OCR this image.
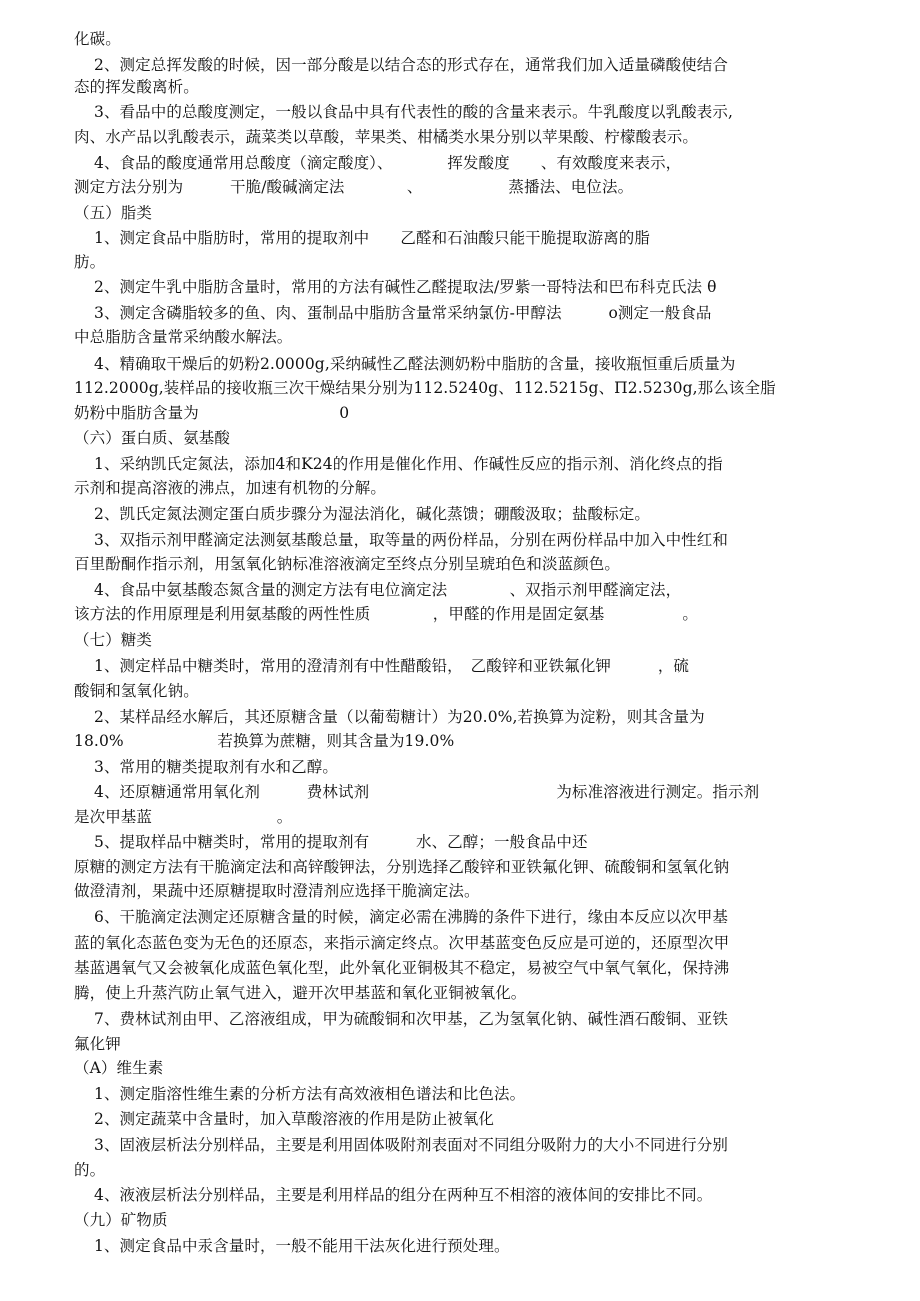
化碳。
2、测定总挥发酸的时候，因一部分酸是以结合态的形式存在，通常我们加入适量磷酸使结合
态的挥发酸离析。
3、看品中的总酸度测定，一般以食品中具有代表性的酸的含量来表示。牛乳酸度以乳酸表示,
肉、水产品以乳酸表示，蔬菜类以草酸，苹果类、柑橘类水果分别以苹果酸、柠檬酸表示。
4、食品的酸度通常用总酸度（滴定酸度）、　　　　挥发酸度　　、有效酸度来表示，
测定方法分别为　　　干脆/酸碱滴定法　　　　、　　　　　　蒸播法、电位法。
（五）脂类
1、测定食品中脂肪时，常用的提取剂中　　乙醛和石油酸只能干脆提取游离的脂
肪。
2、测定牛乳中脂肪含量时，常用的方法有碱性乙醛提取法/罗紫一哥特法和巴布科克氏法 θ
3、测定含磷脂较多的鱼、肉、蛋制品中脂肪含量常采纳氯仿-甲醇法　　　o测定一般食品
中总脂肪含量常采纳酸水解法。
4、精确取干燥后的奶粉2.0000g,采纳碱性乙醛法测奶粉中脂肪的含量，接收瓶恒重后质量为
112.2000g,装样品的接收瓶三次干燥结果分别为112.5240g、112.5215g、Π2.5230g,那么该全脂
奶粉中脂肪含量为　　　　　　　　　0
（六）蛋白质、氨基酸
1、采纳凯氏定氮法，添加4和K24的作用是催化作用、作碱性反应的指示剂、消化终点的指
示剂和提高溶液的沸点，加速有机物的分解。
2、凯氏定氮法测定蛋白质步骤分为湿法消化，碱化蒸馈；硼酸汲取；盐酸标定。
3、双指示剂甲醛滴定法测氨基酸总量，取等量的两份样品，分别在两份样品中加入中性红和
百里酚酮作指示剂，用氢氧化钠标准溶液滴定至终点分别呈琥珀色和淡蓝颜色。
4、食品中氨基酸态氮含量的测定方法有电位滴定法　　　　、双指示剂甲醛滴定法，
该方法的作用原理是利用氨基酸的两性性质　　　　，甲醛的作用是固定氨基　　　　　。
（七）糖类
1、测定样品中糖类时，常用的澄清剂有中性醋酸铅，　乙酸锌和亚铁氟化钾　　　，硫
酸铜和氢氧化钠。
2、某样品经水解后，其还原糖含量（以葡萄糖计）为20.0%,若换算为淀粉，则其含量为
18.0%　　　　　　若换算为蔗糖，则其含量为19.0%
3、常用的糖类提取剂有水和乙醇。
4、还原糖通常用氧化剂　　　费林试剂　　　　　　　　　　　　为标准溶液进行测定。指示剂
是次甲基蓝　　　　　　　　。
5、提取样品中糖类时，常用的提取剂有　　　水、乙醇；一般食品中还
原糖的测定方法有干脆滴定法和高锌酸钾法，分别选择乙酸锌和亚铁氟化钾、硫酸铜和氢氧化钠
做澄清剂，果蔬中还原糖提取时澄清剂应选择干脆滴定法。
6、干脆滴定法测定还原糖含量的时候，滴定必需在沸腾的条件下进行，缘由本反应以次甲基
蓝的氧化态蓝色变为无色的还原态，来指示滴定终点。次甲基蓝变色反应是可逆的，还原型次甲
基蓝遇氧气又会被氧化成蓝色氧化型，此外氧化亚铜极其不稳定，易被空气中氧气氧化，保持沸
腾，使上升蒸汽防止氧气进入，避开次甲基蓝和氧化亚铜被氧化。
7、费林试剂由甲、乙溶液组成，甲为硫酸铜和次甲基，乙为氢氧化钠、碱性酒石酸铜、亚铁
氟化钾
（A）维生素
1、测定脂溶性维生素的分析方法有高效液相色谱法和比色法。
2、测定蔬菜中含量时，加入草酸溶液的作用是防止被氧化
3、固液层析法分别样品，主要是利用固体吸附剂表面对不同组分吸附力的大小不同进行分别
的。
4、液液层析法分别样品，主要是利用样品的组分在两种互不相溶的液体间的安排比不同。
（九）矿物质
1、测定食品中汞含量时，一般不能用干法灰化进行预处理。
